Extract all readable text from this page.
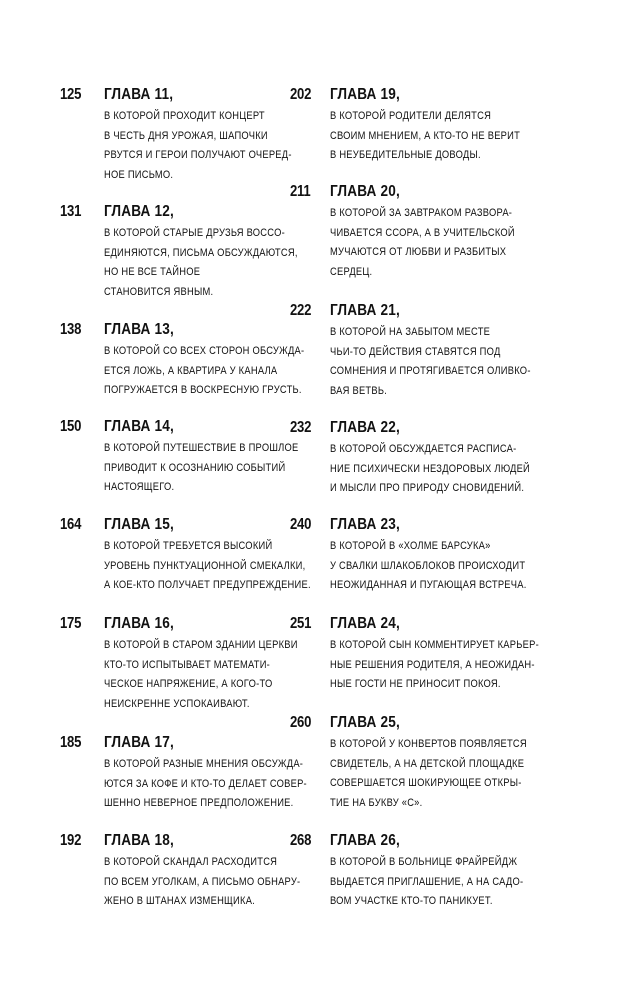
125	ГЛАВА 11,
В КОТОРОЙ ПРОХОДИТ КОНЦЕРТ
В ЧЕСТЬ ДНЯ УРОЖАЯ, ШАПОЧКИ
РВУТСЯ И ГЕРОИ ПОЛУЧАЮТ ОЧЕРЕД-
НОЕ ПИСЬМО.
131	ГЛАВА 12,
В КОТОРОЙ СТАРЫЕ ДРУЗЬЯ ВОССО-
ЕДИНЯЮТСЯ, ПИСЬМА ОБСУЖДАЮТСЯ,
НО НЕ ВСЕ ТАЙНОЕ
СТАНОВИТСЯ ЯВНЫМ.
138	ГЛАВА 13,
В КОТОРОЙ СО ВСЕХ СТОРОН ОБСУЖДА-
ЕТСЯ ЛОЖЬ, А КВАРТИРА У КАНАЛА
ПОГРУЖАЕТСЯ В ВОСКРЕСНУЮ ГРУСТЬ.
150	ГЛАВА 14,
В КОТОРОЙ ПУТЕШЕСТВИЕ В ПРОШЛОЕ
ПРИВОДИТ К ОСОЗНАНИЮ СОБЫТИЙ
НАСТОЯЩЕГО.
164	ГЛАВА 15,
В КОТОРОЙ ТРЕБУЕТСЯ ВЫСОКИЙ
УРОВЕНЬ ПУНКТУАЦИОННОЙ СМЕКАЛКИ,
А КОЕ-КТО ПОЛУЧАЕТ ПРЕДУПРЕЖДЕНИЕ.
175	ГЛАВА 16,
В КОТОРОЙ В СТАРОМ ЗДАНИИ ЦЕРКВИ
КТО-ТО ИСПЫТЫВАЕТ МАТЕМАТИ-
ЧЕСКОЕ НАПРЯЖЕНИЕ, А КОГО-ТО
НЕИСКРЕННЕ УСПОКАИВАЮТ.
185	ГЛАВА 17,
В КОТОРОЙ РАЗНЫЕ МНЕНИЯ ОБСУЖДА-
ЮТСЯ ЗА КОФЕ И КТО-ТО ДЕЛАЕТ СОВЕР-
ШЕННО НЕВЕРНОЕ ПРЕДПОЛОЖЕНИЕ.
192	ГЛАВА 18,
В КОТОРОЙ СКАНДАЛ РАСХОДИТСЯ
ПО ВСЕМ УГОЛКАМ, А ПИСЬМО ОБНАРУ-
ЖЕНО В ШТАНАХ ИЗМЕНЩИКА.
202	ГЛАВА 19,
В КОТОРОЙ РОДИТЕЛИ ДЕЛЯТСЯ
СВОИМ МНЕНИЕМ, А КТО-ТО НЕ ВЕРИТ
В НЕУБЕДИТЕЛЬНЫЕ ДОВОДЫ.
211	ГЛАВА 20,
В КОТОРОЙ ЗА ЗАВТРАКОМ РАЗВОРА-
ЧИВАЕТСЯ ССОРА, А В УЧИТЕЛЬСКОЙ
МУЧАЮТСЯ ОТ ЛЮБВИ И РАЗБИТЫХ
СЕРДЕЦ.
222	ГЛАВА 21,
В КОТОРОЙ НА ЗАБЫТОМ МЕСТЕ
ЧЬИ-ТО ДЕЙСТВИЯ СТАВЯТСЯ ПОД
СОМНЕНИЯ И ПРОТЯГИВАЕТСЯ ОЛИВКО-
ВАЯ ВЕТВЬ.
232	ГЛАВА 22,
В КОТОРОЙ ОБСУЖДАЕТСЯ РАСПИСА-
НИЕ ПСИХИЧЕСКИ НЕЗДОРОВЫХ ЛЮДЕЙ
И МЫСЛИ ПРО ПРИРОДУ СНОВИДЕНИЙ.
240	ГЛАВА 23,
В КОТОРОЙ В «ХОЛМЕ БАРСУКА»
У СВАЛКИ ШЛАКОБЛОКОВ ПРОИСХОДИТ
НЕОЖИДАННАЯ И ПУГАЮЩАЯ ВСТРЕЧА.
251	ГЛАВА 24,
В КОТОРОЙ СЫН КОММЕНТИРУЕТ КАРЬЕР-
НЫЕ РЕШЕНИЯ РОДИТЕЛЯ, А НЕОЖИДАН-
НЫЕ ГОСТИ НЕ ПРИНОСИТ ПОКОЯ.
260	ГЛАВА 25,
В КОТОРОЙ У КОНВЕРТОВ ПОЯВЛЯЕТСЯ
СВИДЕТЕЛЬ, А НА ДЕТСКОЙ ПЛОЩАДКЕ
СОВЕРШАЕТСЯ ШОКИРУЮЩЕЕ ОТКРЫ-
ТИЕ НА БУКВУ «С».
268	ГЛАВА 26,
В КОТОРОЙ В БОЛЬНИЦЕ ФРАЙРЕЙДЖ
ВЫДАЕТСЯ ПРИГЛАШЕНИЕ, А НА САДО-
ВОМ УЧАСТКЕ КТО-ТО ПАНИКУЕТ.
